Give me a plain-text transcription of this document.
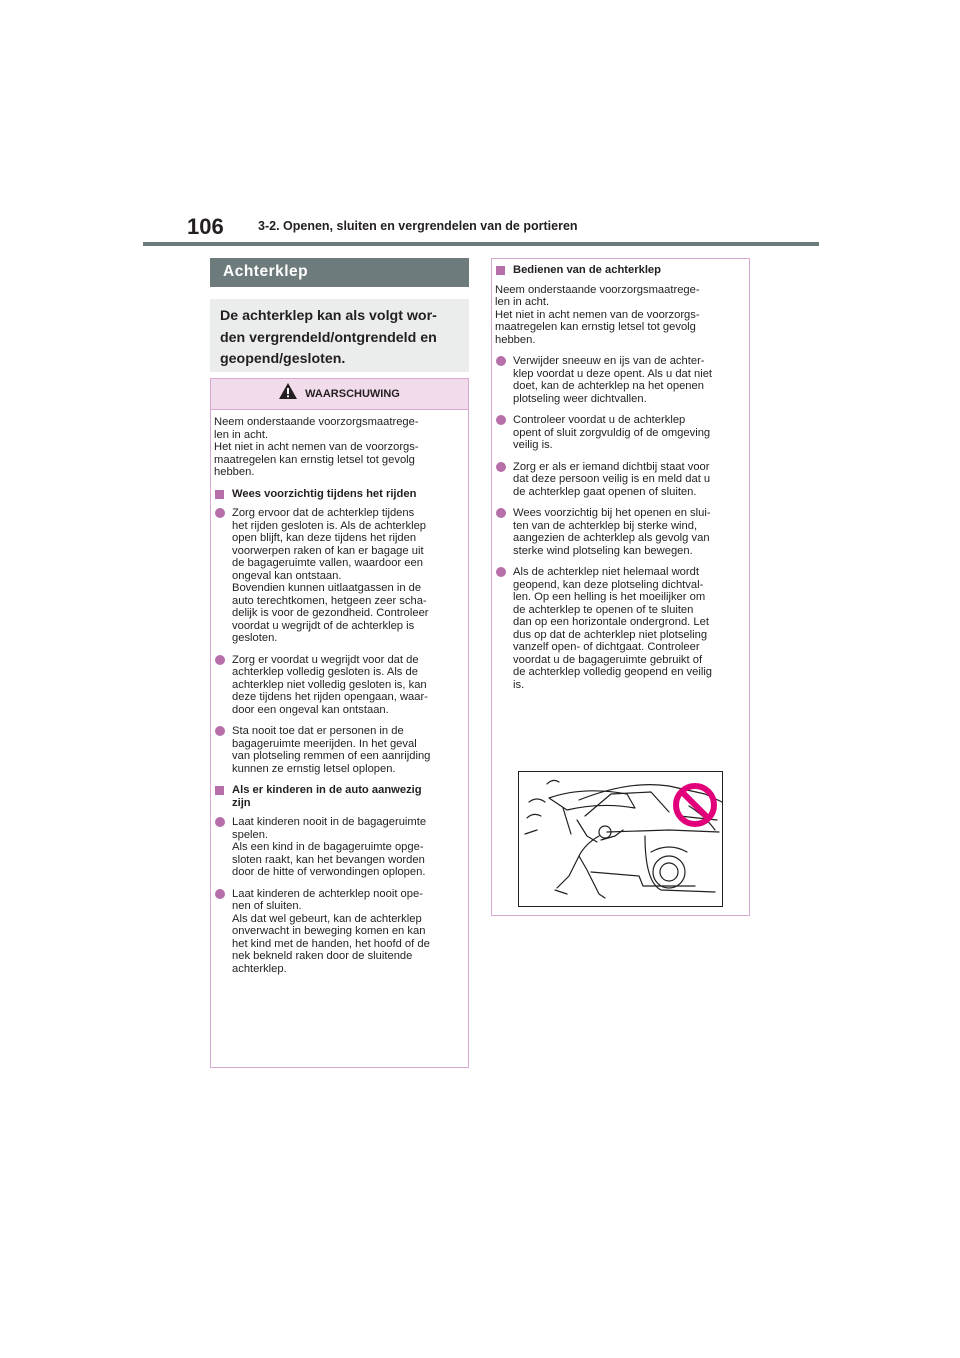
106	3-2. Openen, sluiten en vergrendelen van de portieren
Achterklep
De achterklep kan als volgt wor-
den vergrendeld/ontgrendeld en
geopend/gesloten.
WAARSCHUWING
Neem onderstaande voorzorgsmaatrege-
len in acht.
Het niet in acht nemen van de voorzorgs-
maatregelen kan ernstig letsel tot gevolg
hebben.
Wees voorzichtig tijdens het rijden
Zorg ervoor dat de achterklep tijdens
het rijden gesloten is. Als de achterklep
open blijft, kan deze tijdens het rijden
voorwerpen raken of kan er bagage uit
de bagageruimte vallen, waardoor een
ongeval kan ontstaan.
Bovendien kunnen uitlaatgassen in de
auto terechtkomen, hetgeen zeer scha-
delijk is voor de gezondheid. Controleer
voordat u wegrijdt of de achterklep is
gesloten.
Zorg er voordat u wegrijdt voor dat de
achterklep volledig gesloten is. Als de
achterklep niet volledig gesloten is, kan
deze tijdens het rijden opengaan, waar-
door een ongeval kan ontstaan.
Sta nooit toe dat er personen in de
bagageruimte meerijden. In het geval
van plotseling remmen of een aanrijding
kunnen ze ernstig letsel oplopen.
Als er kinderen in de auto aanwezig
zijn
Laat kinderen nooit in de bagageruimte
spelen.
Als een kind in de bagageruimte opge-
sloten raakt, kan het bevangen worden
door de hitte of verwondingen oplopen.
Laat kinderen de achterklep nooit ope-
nen of sluiten.
Als dat wel gebeurt, kan de achterklep
onverwacht in beweging komen en kan
het kind met de handen, het hoofd of de
nek bekneld raken door de sluitende
achterklep.
Bedienen van de achterklep
Neem onderstaande voorzorgsmaatrege-
len in acht.
Het niet in acht nemen van de voorzorgs-
maatregelen kan ernstig letsel tot gevolg
hebben.
Verwijder sneeuw en ijs van de achter-
klep voordat u deze opent. Als u dat niet
doet, kan de achterklep na het openen
plotseling weer dichtvallen.
Controleer voordat u de achterklep
opent of sluit zorgvuldig of de omgeving
veilig is.
Zorg er als er iemand dichtbij staat voor
dat deze persoon veilig is en meld dat u
de achterklep gaat openen of sluiten.
Wees voorzichtig bij het openen en slui-
ten van de achterklep bij sterke wind,
aangezien de achterklep als gevolg van
sterke wind plotseling kan bewegen.
Als de achterklep niet helemaal wordt
geopend, kan deze plotseling dichtval-
len. Op een helling is het moeilijker om
de achterklep te openen of te sluiten
dan op een horizontale ondergrond. Let
dus op dat de achterklep niet plotseling
vanzelf open- of dichtgaat. Controleer
voordat u de bagageruimte gebruikt of
de achterklep volledig geopend en veilig
is.
